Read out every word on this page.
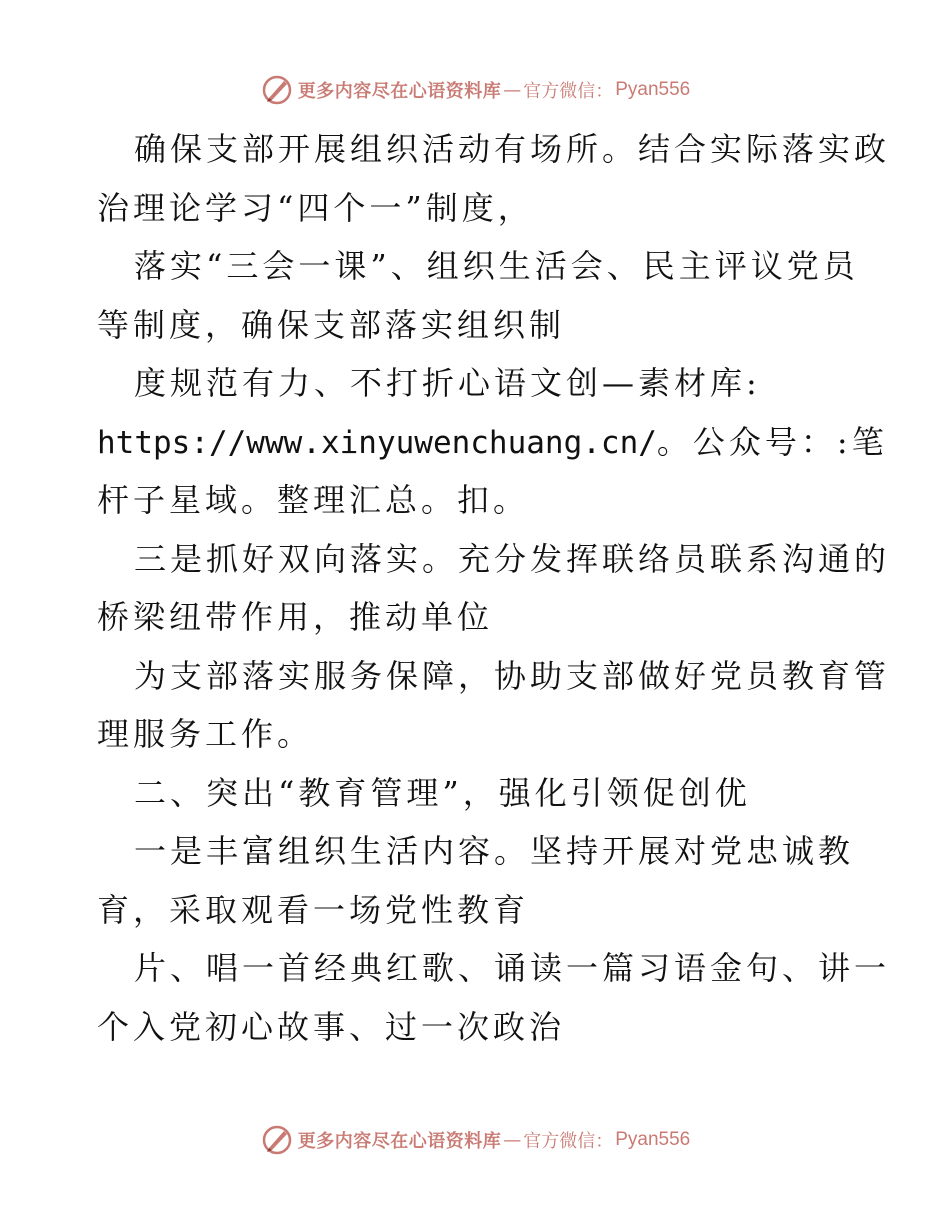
更多内容尽在心语资料库 — 官方微信： Pyan556
确保支部开展组织活动有场所。结合实际落实政
治理论学习“四个一”制度，
落实“三会一课”、组织生活会、民主评议党员
等制度，确保支部落实组织制
度规范有力、不打折心语文创—素材库:
https://www.xinyuwenchuang.cn/。公众号：:笔
杆子星域。整理汇总。扣。
三是抓好双向落实。充分发挥联络员联系沟通的
桥梁纽带作用，推动单位
为支部落实服务保障，协助支部做好党员教育管
理服务工作。
二、突出“教育管理”，强化引领促创优
一是丰富组织生活内容。坚持开展对党忠诚教
育，采取观看一场党性教育
片、唱一首经典红歌、诵读一篇习语金句、讲一
个入党初心故事、过一次政治
更多内容尽在心语资料库 — 官方微信： Pyan556
